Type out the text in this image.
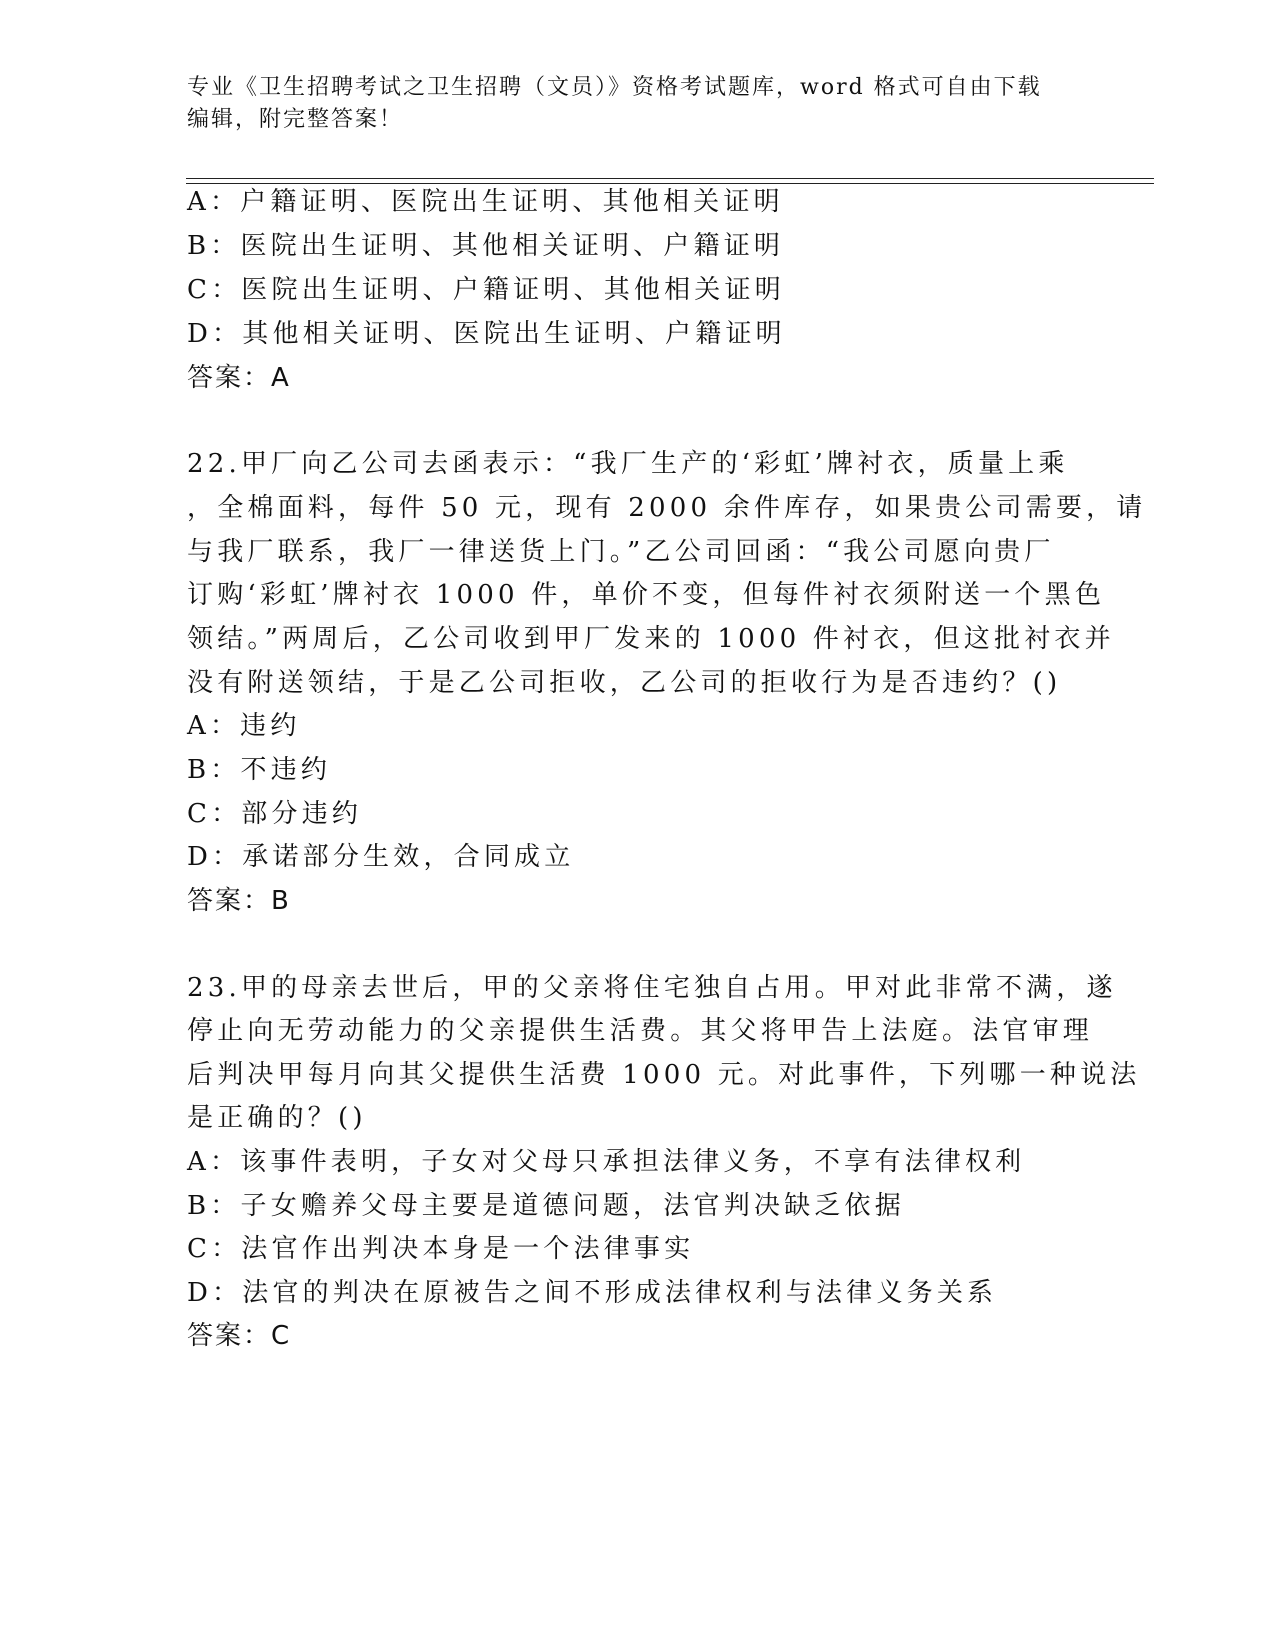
专业《卫生招聘考试之卫生招聘（文员）》资格考试题库，word 格式可自由下载
编辑，附完整答案！
A：户籍证明、医院出生证明、其他相关证明
B：医院出生证明、其他相关证明、户籍证明
C：医院出生证明、户籍证明、其他相关证明
D：其他相关证明、医院出生证明、户籍证明
答案：A
22.甲厂向乙公司去函表示：“我厂生产的‘彩虹’牌衬衣，质量上乘
，全棉面料，每件 50 元，现有 2000 余件库存，如果贵公司需要，请
与我厂联系，我厂一律送货上门。”乙公司回函：“我公司愿向贵厂
订购‘彩虹’牌衬衣 1000 件，单价不变，但每件衬衣须附送一个黑色
领结。”两周后，乙公司收到甲厂发来的 1000 件衬衣，但这批衬衣并
没有附送领结，于是乙公司拒收，乙公司的拒收行为是否违约？()
A：违约
B：不违约
C：部分违约
D：承诺部分生效，合同成立
答案：B
23.甲的母亲去世后，甲的父亲将住宅独自占用。甲对此非常不满，遂
停止向无劳动能力的父亲提供生活费。其父将甲告上法庭。法官审理
后判决甲每月向其父提供生活费 1000 元。对此事件，下列哪一种说法
是正确的？()
A：该事件表明，子女对父母只承担法律义务，不享有法律权利
B：子女赡养父母主要是道德问题，法官判决缺乏依据
C：法官作出判决本身是一个法律事实
D：法官的判决在原被告之间不形成法律权利与法律义务关系
答案：C
